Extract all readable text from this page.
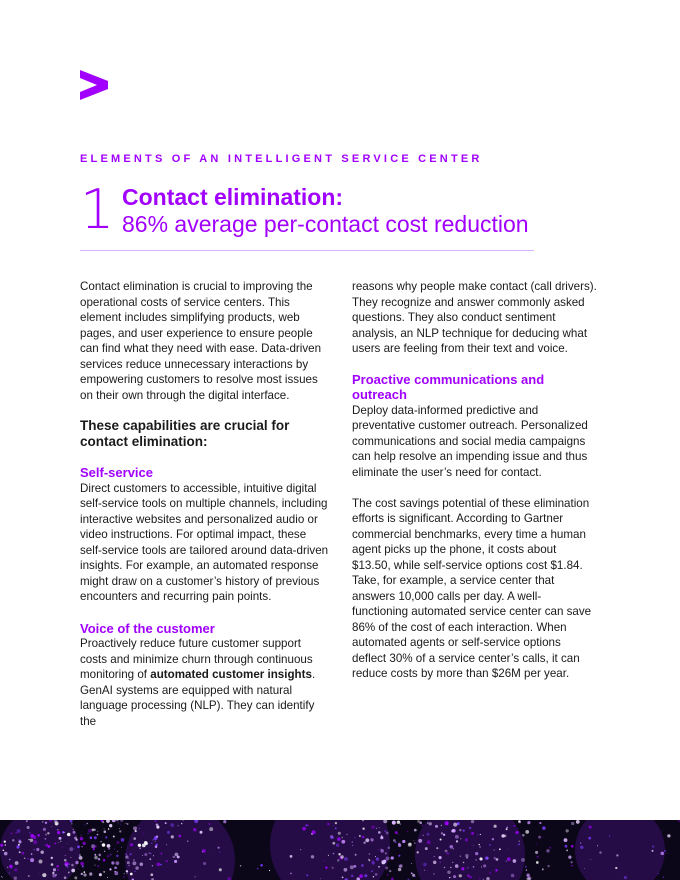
ELEMENTS OF AN INTELLIGENT SERVICE CENTER
1 Contact elimination:
86% average per-contact cost reduction

Contact elimination is crucial to improving the operational costs of service centers. This element includes simplifying products, web pages, and user experience to ensure people can find what they need with ease. Data-driven services reduce unnecessary interactions by empowering customers to resolve most issues on their own through the digital interface.

These capabilities are crucial for contact elimination:

Self-service

Direct customers to accessible, intuitive digital self-service tools on multiple channels, including interactive websites and personalized audio or video instructions. For optimal impact, these self-service tools are tailored around data-driven insights. For example, an automated response might draw on a customer’s history of previous encounters and recurring pain points.

Voice of the customer

Proactively reduce future customer support costs and minimize churn through continuous monitoring of automated customer insights. GenAI systems are equipped with natural language processing (NLP). They can identify the

reasons why people make contact (call drivers). They recognize and answer commonly asked questions. They also conduct sentiment analysis, an NLP technique for deducing what users are feeling from their text and voice.

Proactive communications and outreach

Deploy data-informed predictive and preventative customer outreach. Personalized communications and social media campaigns can help resolve an impending issue and thus eliminate the user’s need for contact.

The cost savings potential of these elimination efforts is significant. According to Gartner commercial benchmarks, every time a human agent picks up the phone, it costs about $13.50, while self-service options cost $1.84. Take, for example, a service center that answers 10,000 calls per day. A well-functioning automated service center can save 86% of the cost of each interaction. When automated agents or self-service options deflect 30% of a service center’s calls, it can reduce costs by more than $26M per year.
